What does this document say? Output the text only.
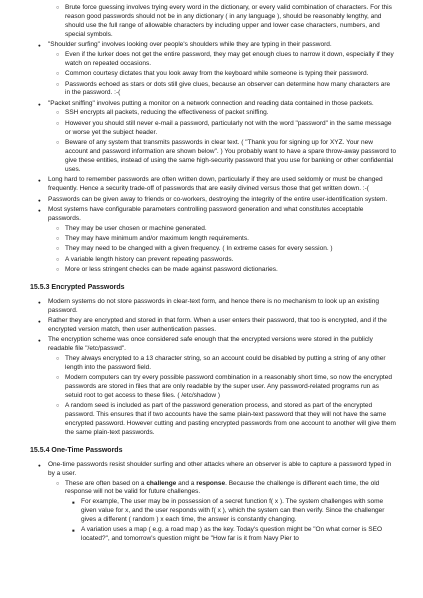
○ Brute force guessing involves trying every word in the dictionary, or every valid combination of characters. For this reason good passwords should not be in any dictionary ( in any language ), should be reasonably lengthy, and should use the full range of allowable characters by including upper and lower case characters, numbers, and special symbols.
● "Shoulder surfing" involves looking over people's shoulders while they are typing in their password.
○ Even if the lurker does not get the entire password, they may get enough clues to narrow it down, especially if they watch on repeated occasions.
○ Common courtesy dictates that you look away from the keyboard while someone is typing their password.
○ Passwords echoed as stars or dots still give clues, because an observer can determine how many characters are in the password. :-(
● "Packet sniffing" involves putting a monitor on a network connection and reading data contained in those packets.
○ SSH encrypts all packets, reducing the effectiveness of packet sniffing.
○ However you should still never e-mail a password, particularly not with the word "password" in the same message or worse yet the subject header.
○ Beware of any system that transmits passwords in clear text. ( "Thank you for signing up for XYZ. Your new account and password information are shown below". ) You probably want to have a spare throw-away password to give these entities, instead of using the same high-security password that you use for banking or other confidential uses.
● Long hard to remember passwords are often written down, particularly if they are used seldomly or must be changed frequently. Hence a security trade-off of passwords that are easily divined versus those that get written down. :-(
● Passwords can be given away to friends or co-workers, destroying the integrity of the entire user-identification system.
● Most systems have configurable parameters controlling password generation and what constitutes acceptable passwords.
○ They may be user chosen or machine generated.
○ They may have minimum and/or maximum length requirements.
○ They may need to be changed with a given frequency. ( In extreme cases for every session. )
○ A variable length history can prevent repeating passwords.
○ More or less stringent checks can be made against password dictionaries.
15.5.3 Encrypted Passwords
● Modern systems do not store passwords in clear-text form, and hence there is no mechanism to look up an existing password.
● Rather they are encrypted and stored in that form. When a user enters their password, that too is encrypted, and if the encrypted version match, then user authentication passes.
● The encryption scheme was once considered safe enough that the encrypted versions were stored in the publicly readable file "/etc/passwd".
○ They always encrypted to a 13 character string, so an account could be disabled by putting a string of any other length into the password field.
○ Modern computers can try every possible password combination in a reasonably short time, so now the encrypted passwords are stored in files that are only readable by the super user. Any password-related programs run as setuid root to get access to these files. ( /etc/shadow )
○ A random seed is included as part of the password generation process, and stored as part of the encrypted password. This ensures that if two accounts have the same plain-text password that they will not have the same encrypted password. However cutting and pasting encrypted passwords from one account to another will give them the same plain-text passwords.
15.5.4 One-Time Passwords
● One-time passwords resist shoulder surfing and other attacks where an observer is able to capture a password typed in by a user.
○ These are often based on a challenge and a response. Because the challenge is different each time, the old response will not be valid for future challenges.
■ For example, The user may be in possession of a secret function f( x ). The system challenges with some given value for x, and the user responds with f( x ), which the system can then verify. Since the challenger gives a different ( random ) x each time, the answer is constantly changing.
■ A variation uses a map ( e.g. a road map ) as the key. Today's question might be "On what corner is SEO located?", and tomorrow's question might be "How far is it from Navy Pier to
